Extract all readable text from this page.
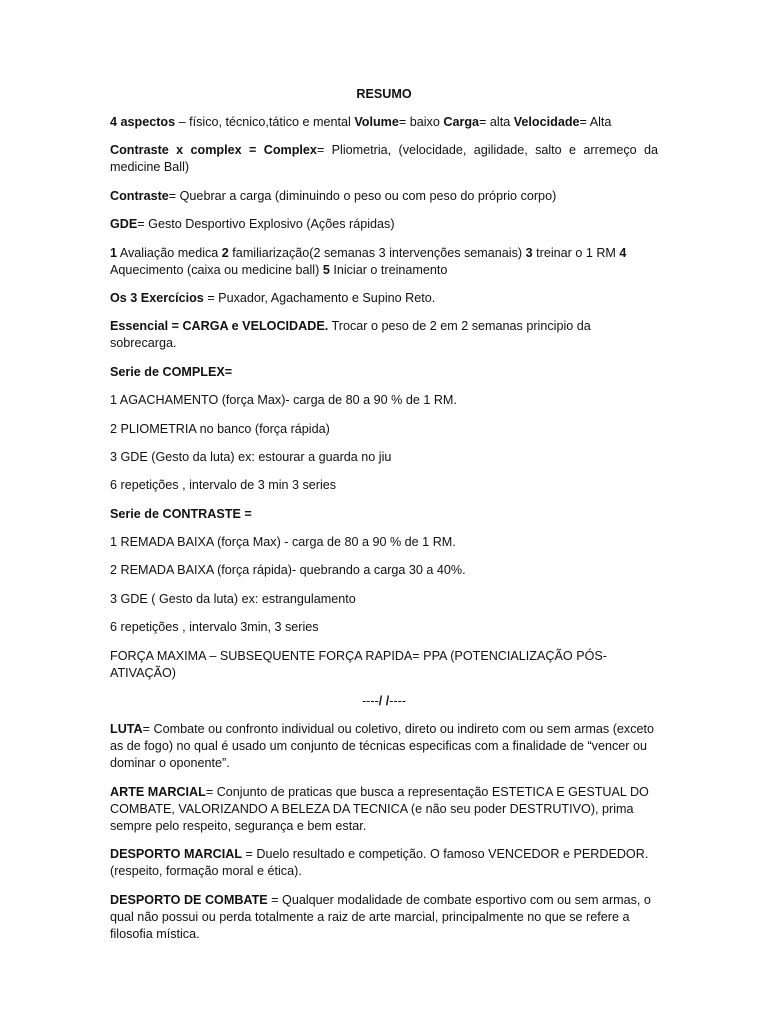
RESUMO

4 aspectos – físico, técnico,tático e mental Volume= baixo Carga= alta Velocidade= Alta

Contraste x complex = Complex= Pliometria, (velocidade, agilidade, salto e arremeço da medicine Ball)

Contraste= Quebrar a carga (diminuindo o peso ou com peso do próprio corpo)

GDE= Gesto Desportivo Explosivo (Ações rápidas)

1 Avaliação medica 2 familiarização(2 semanas 3 intervenções semanais) 3 treinar o 1 RM 4 Aquecimento (caixa ou medicine ball) 5 Iniciar o treinamento

Os 3 Exercícios = Puxador, Agachamento e Supino Reto.

Essencial = CARGA e VELOCIDADE. Trocar o peso de 2 em 2 semanas principio da sobrecarga.

Serie de COMPLEX=

1 AGACHAMENTO (força Max)- carga de 80 a 90 % de 1 RM.

2 PLIOMETRIA no banco (força rápida)

3 GDE (Gesto da luta) ex: estourar a guarda no jiu

6 repetições , intervalo de 3 min 3 series

Serie de CONTRASTE =

1 REMADA BAIXA (força Max) - carga de 80 a 90 % de 1 RM.

2 REMADA BAIXA (força rápida)- quebrando a carga 30 a 40%.

3 GDE ( Gesto da luta) ex: estrangulamento

6 repetições , intervalo 3min, 3 series

FORÇA MAXIMA – SUBSEQUENTE FORÇA RAPIDA= PPA (POTENCIALIZAÇÃO PÓS-ATIVAÇÃO)

----/ /----

LUTA= Combate ou confronto individual ou coletivo, direto ou indireto com ou sem armas (exceto as de fogo) no qual é usado um conjunto de técnicas especificas com a finalidade de “vencer ou dominar o oponente”.

ARTE MARCIAL= Conjunto de praticas que busca a representação ESTETICA E GESTUAL DO COMBATE, VALORIZANDO A BELEZA DA TECNICA (e não seu poder DESTRUTIVO), prima sempre pelo respeito, segurança e bem estar.

DESPORTO MARCIAL = Duelo resultado e competição. O famoso VENCEDOR e PERDEDOR. (respeito, formação moral e ética).

DESPORTO DE COMBATE = Qualquer modalidade de combate esportivo com ou sem armas, o qual não possui ou perda totalmente a raiz de arte marcial, principalmente no que se refere a filosofia mística.
